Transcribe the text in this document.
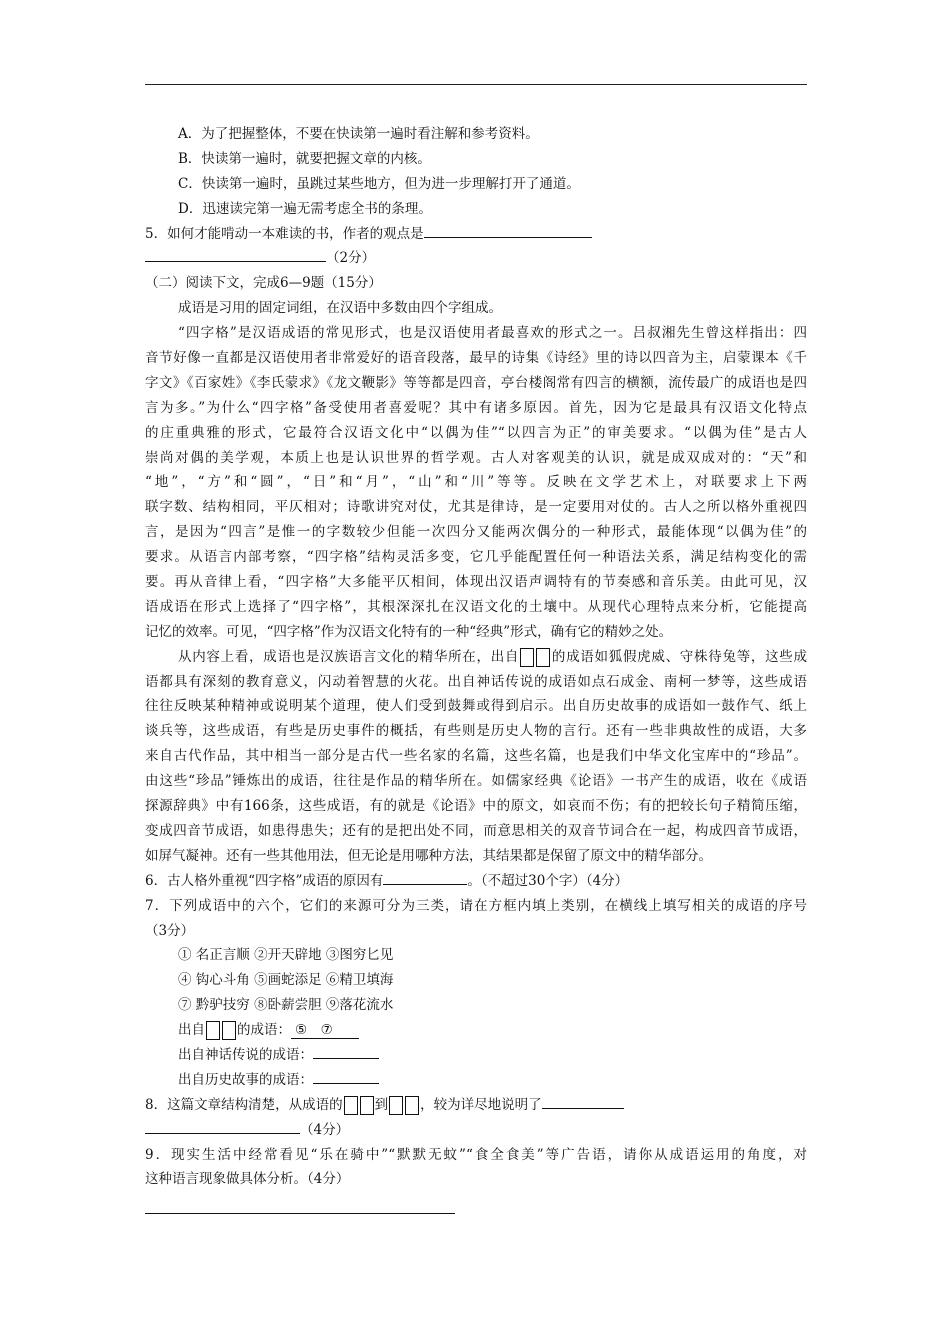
A．为了把握整体，不要在快读第一遍时看注解和参考资料。
B．快读第一遍时，就要把握文章的内核。
C．快读第一遍时，虽跳过某些地方，但为进一步理解打开了通道。
D．迅速读完第一遍无需考虑全书的条理。
5．如何才能啃动一本难读的书，作者的观点是
（2分）
（二）阅读下文，完成6—9题（15分）
成语是习用的固定词组，在汉语中多数由四个字组成。
“四字格”是汉语成语的常见形式，也是汉语使用者最喜欢的形式之一。吕叔湘先生曾这样指出：四
音节好像一直都是汉语使用者非常爱好的语音段落，最早的诗集《诗经》里的诗以四音为主，启蒙课本《千
字文》《百家姓》《李氏蒙求》《龙文鞭影》等等都是四音，亭台楼阁常有四言的横额，流传最广的成语也是四
言为多。”为什么“四字格”备受使用者喜爱呢？其中有诸多原因。首先，因为它是最具有汉语文化特点
的庄重典雅的形式，它最符合汉语文化中“以偶为佳”“以四言为正”的审美要求。“以偶为佳”是古人
崇尚对偶的美学观，本质上也是认识世界的哲学观。古人对客观美的认识，就是成双成对的：“天”和
“地”，“方”和“圆”，“日”和“月”，“山”和“川”等等。反映在文学艺术上，对联要求上下两
联字数、结构相同，平仄相对；诗歌讲究对仗，尤其是律诗，是一定要用对仗的。古人之所以格外重视四
言，是因为“四言”是惟一的字数较少但能一次四分又能两次偶分的一种形式，最能体现“以偶为佳”的
要求。从语言内部考察，“四字格”结构灵活多变，它几乎能配置任何一种语法关系，满足结构变化的需
要。再从音律上看，“四字格”大多能平仄相间，体现出汉语声调特有的节奏感和音乐美。由此可见，汉
语成语在形式上选择了“四字格”，其根深深扎在汉语文化的土壤中。从现代心理特点来分析，它能提高
记忆的效率。可见，“四字格”作为汉语文化特有的一种“经典”形式，确有它的精妙之处。
从内容上看，成语也是汉族语言文化的精华所在，出自 的成语如狐假虎威、守株待兔等，这些成
语都具有深刻的教育意义，闪动着智慧的火花。出自神话传说的成语如点石成金、南柯一梦等，这些成语
往往反映某种精神或说明某个道理，使人们受到鼓舞或得到启示。出自历史故事的成语如一鼓作气、纸上
谈兵等，这些成语，有些是历史事件的概括，有些则是历史人物的言行。还有一些非典故性的成语，大多
来自古代作品，其中相当一部分是古代一些名家的名篇，这些名篇，也是我们中华文化宝库中的“珍品”。
由这些“珍品”锤炼出的成语，往往是作品的精华所在。如儒家经典《论语》一书产生的成语，收在《成语
探源辞典》中有166条，这些成语，有的就是《论语》中的原文，如哀而不伤；有的把较长句子精简压缩，
变成四音节成语，如患得患失；还有的是把出处不同，而意思相关的双音节词合在一起，构成四音节成语，
如屏气凝神。还有一些其他用法，但无论是用哪种方法，其结果都是保留了原文中的精华部分。
6．古人格外重视“四字格”成语的原因有	。（不超过30个字）（4分）
7．下列成语中的六个，它们的来源可分为三类，请在方框内填上类别，在横线上填写相关的成语的序号
（3分）
① 名正言顺 ②开天辟地 ③图穷匕见
④ 钩心斗角 ⑤画蛇添足 ⑥精卫填海
⑦ 黔驴技穷 ⑧卧薪尝胆 ⑨落花流水
出自 的成语： ⑤　⑦
出自神话传说的成语：
出自历史故事的成语：
8．这篇文章结构清楚，从成语的 到 ，较为详尽地说明了
（4分）
9．现实生活中经常看见“乐在骑中”“默默无蚊”“食全食美”等广告语，请你从成语运用的角度，对
这种语言现象做具体分析。（4分）
